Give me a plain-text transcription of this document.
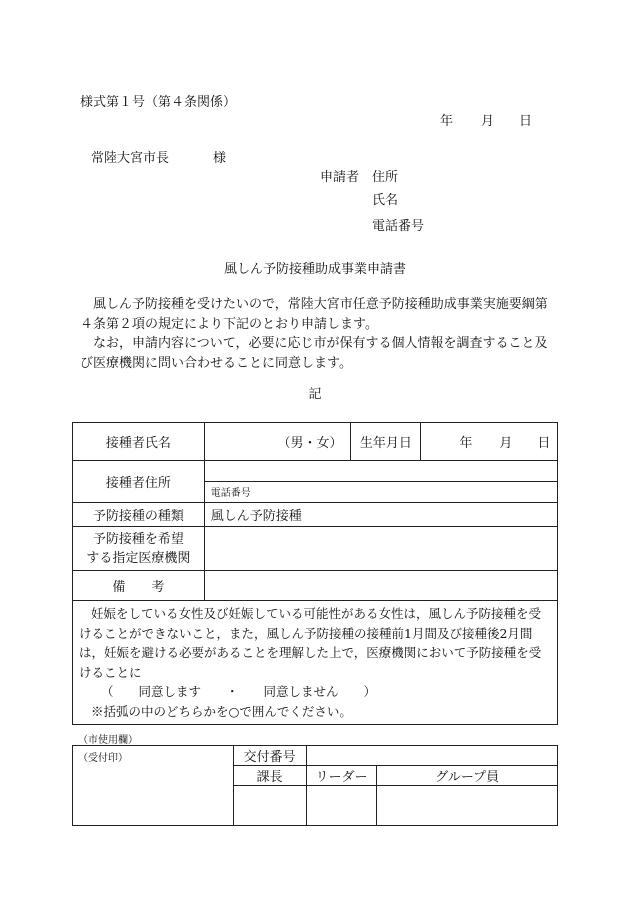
様式第１号（第４条関係）
年 月 日
常陸大宮市長	様
申請者 住所
氏名
電話番号
風しん予防接種助成事業申請書
風しん予防接種を受けたいので，常陸大宮市任意予防接種助成事業実施要綱第４条第２項の規定により下記のとおり申請します。
なお，申請内容について，必要に応じ市が保有する個人情報を調査すること及び医療機関に問い合わせることに同意します。
記
接種者氏名	（男・女）	生年月日	年 月 日

接種者住所			
	電話番号		
予防接種の種類	風しん予防接種		

予防接種を希望
する指定医療機関			

備　　考			

妊娠をしている女性及び妊娠している可能性がある女性は，風しん予防接種を受けることができないこと，また，風しん予防接種の接種前1月間及び接種後2月間は，妊娠を避ける必要があることを理解した上で，医療機関において予防接種を受けることに
（　　同意します　　・　　同意しません　　）
※括弧の中のどちらかを○で囲んでください。			
（市使用欄）
（受付印）	交付番号		
	課長	リーダー	グループ員
